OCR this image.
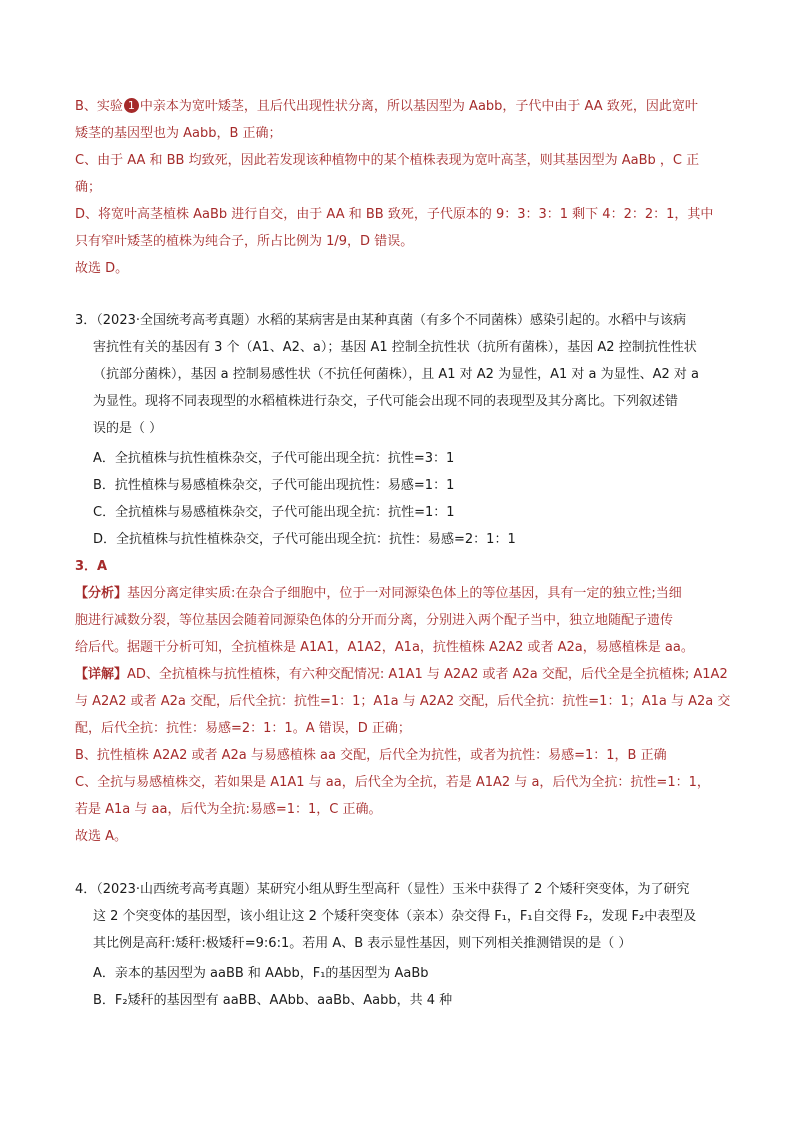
B、实验 1 中亲本为宽叶矮茎，且后代出现性状分离，所以基因型为 Aabb，子代中由于 AA 致死，因此宽叶
矮茎的基因型也为 Aabb，B 正确；
C、由于 AA 和 BB 均致死，因此若发现该种植物中的某个植株表现为宽叶高茎，则其基因型为 AaBb ，C 正
确；
D、将宽叶高茎植株 AaBb 进行自交，由于 AA 和 BB 致死，子代原本的 9：3：3：1 剩下 4：2：2：1，其中
只有窄叶矮茎的植株为纯合子，所占比例为 1/9，D 错误。
故选 D。
3．（2023·全国统考高考真题）水稻的某病害是由某种真菌（有多个不同菌株）感染引起的。水稻中与该病
害抗性有关的基因有 3 个（A1、A2、a）；基因 A1 控制全抗性状（抗所有菌株），基因 A2 控制抗性性状
（抗部分菌株），基因 a 控制易感性状（不抗任何菌株），且 A1 对 A2 为显性，A1 对 a 为显性、A2 对 a
为显性。现将不同表现型的水稻植株进行杂交，子代可能会出现不同的表现型及其分离比。下列叙述错
误的是（ ）
A．全抗植株与抗性植株杂交，子代可能出现全抗：抗性=3：1
B．抗性植株与易感植株杂交，子代可能出现抗性：易感=1：1
C．全抗植株与易感植株杂交，子代可能出现全抗：抗性=1：1
D．全抗植株与抗性植株杂交，子代可能出现全抗：抗性：易感=2：1：1
3．A
【分析】基因分离定律实质:在杂合子细胞中，位于一对同源染色体上的等位基因，具有一定的独立性;当细
胞进行减数分裂，等位基因会随着同源染色体的分开而分离，分别进入两个配子当中，独立地随配子遗传
给后代。据题干分析可知，全抗植株是 A1A1，A1A2，A1a，抗性植株 A2A2 或者 A2a，易感植株是 aa。
【详解】AD、全抗植株与抗性植株，有六种交配情况: A1A1 与 A2A2 或者 A2a 交配，后代全是全抗植株; A1A2
与 A2A2 或者 A2a 交配，后代全抗：抗性=1：1；A1a 与 A2A2 交配，后代全抗：抗性=1：1；A1a 与 A2a 交
配，后代全抗：抗性：易感=2：1：1。A 错误，D 正确；
B、抗性植株 A2A2 或者 A2a 与易感植株 aa 交配，后代全为抗性，或者为抗性：易感=1：1，B 正确
C、全抗与易感植株交，若如果是 A1A1 与 aa，后代全为全抗，若是 A1A2 与 a，后代为全抗：抗性=1：1，
若是 A1a 与 aa，后代为全抗:易感=1：1，C 正确。
故选 A。
4．（2023·山西统考高考真题）某研究小组从野生型高秆（显性）玉米中获得了 2 个矮秆突变体，为了研究
这 2 个突变体的基因型，该小组让这 2 个矮秆突变体（亲本）杂交得 F₁，F₁自交得 F₂，发现 F₂中表型及
其比例是高秆:矮秆:极矮秆=9:6:1。若用 A、B 表示显性基因，则下列相关推测错误的是（ ）
A．亲本的基因型为 aaBB 和 AAbb，F₁的基因型为 AaBb
B．F₂矮秆的基因型有 aaBB、AAbb、aaBb、Aabb，共 4 种
